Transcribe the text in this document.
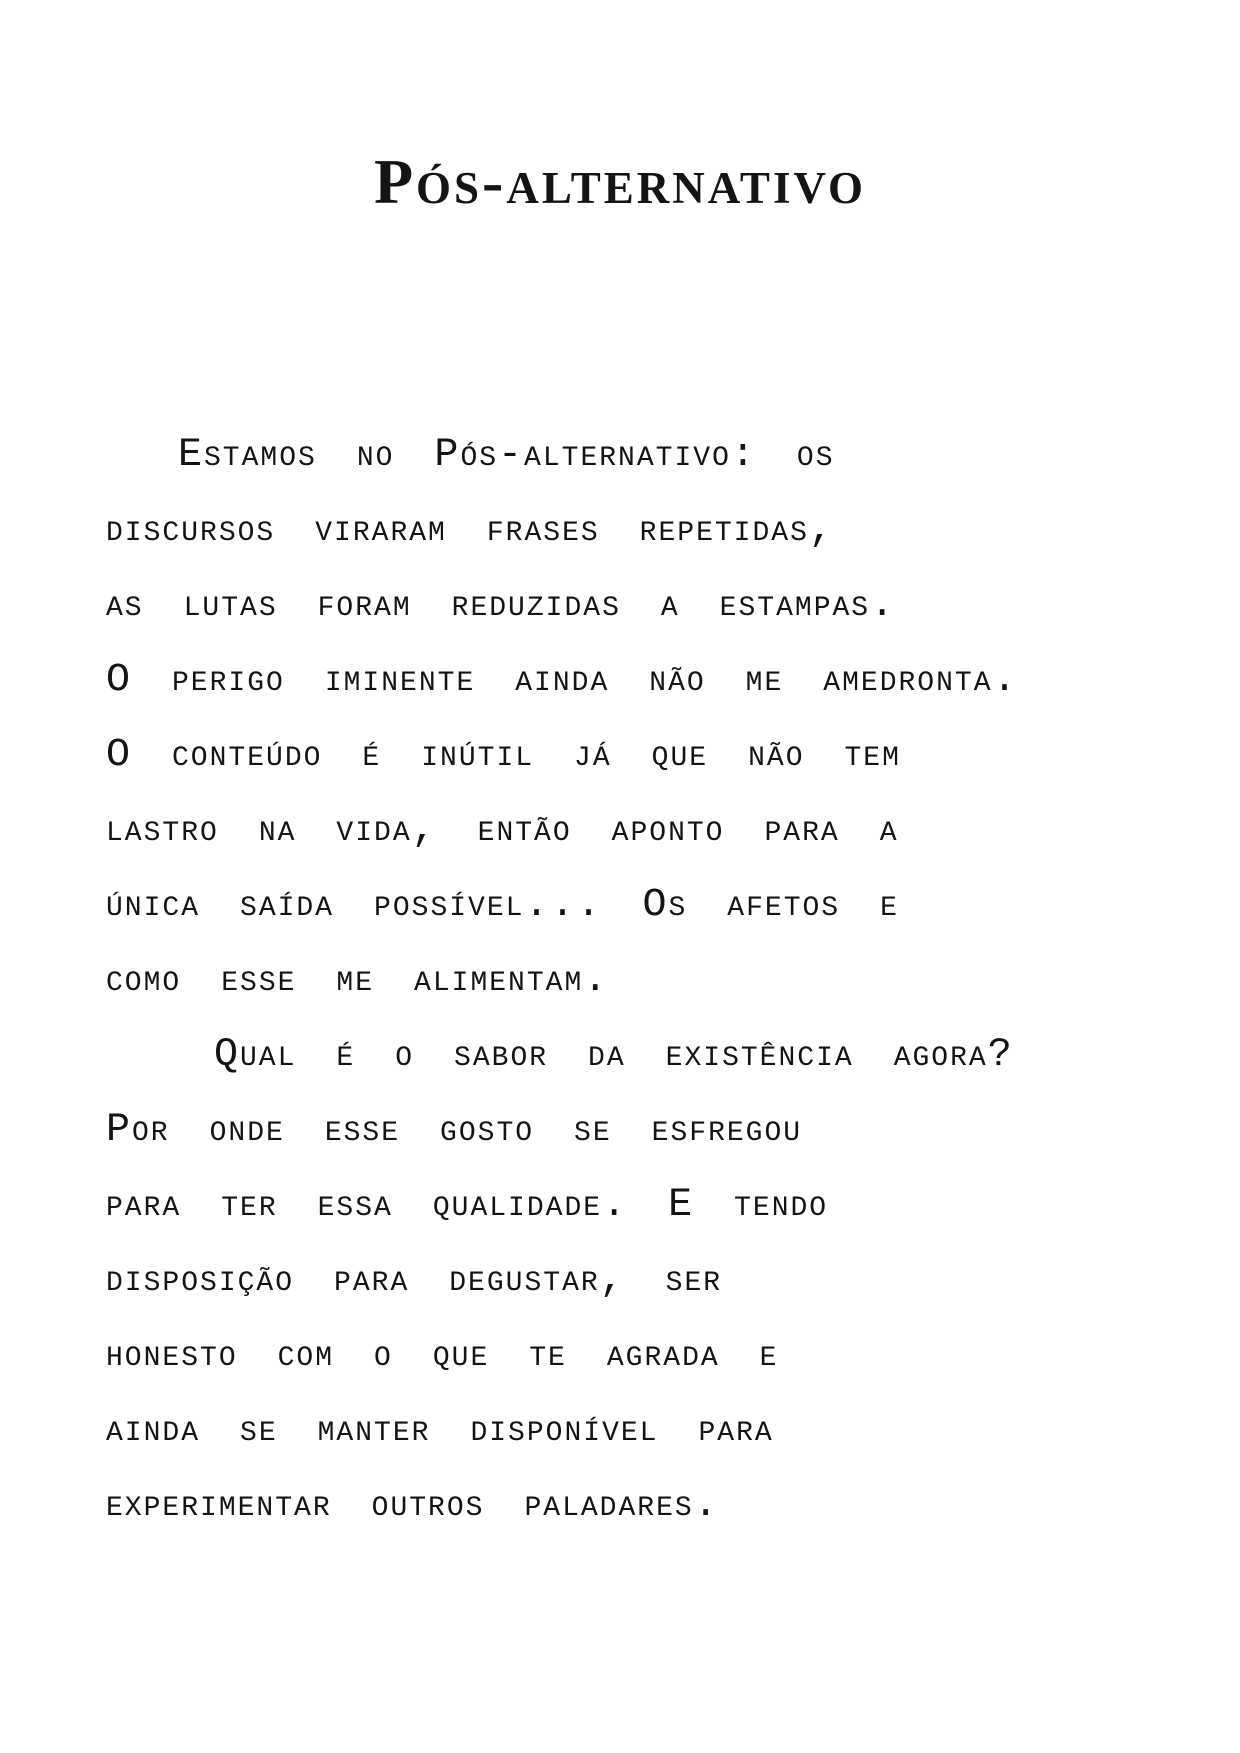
Pós-alternativo
Estamos no Pós-alternativo: os
discursos viraram frases repetidas,
as lutas foram reduzidas a estampas.
O perigo iminente ainda não me amedronta.
O conteúdo é inútil já que não tem
lastro na vida, então aponto para a
única saída possível... Os afetos e
como esse me alimentam.
Qual é o sabor da existência agora?
Por onde esse gosto se esfregou
para ter essa qualidade. E tendo
disposição para degustar, ser
honesto com o que te agrada e
ainda se manter disponível para
experimentar outros paladares.
